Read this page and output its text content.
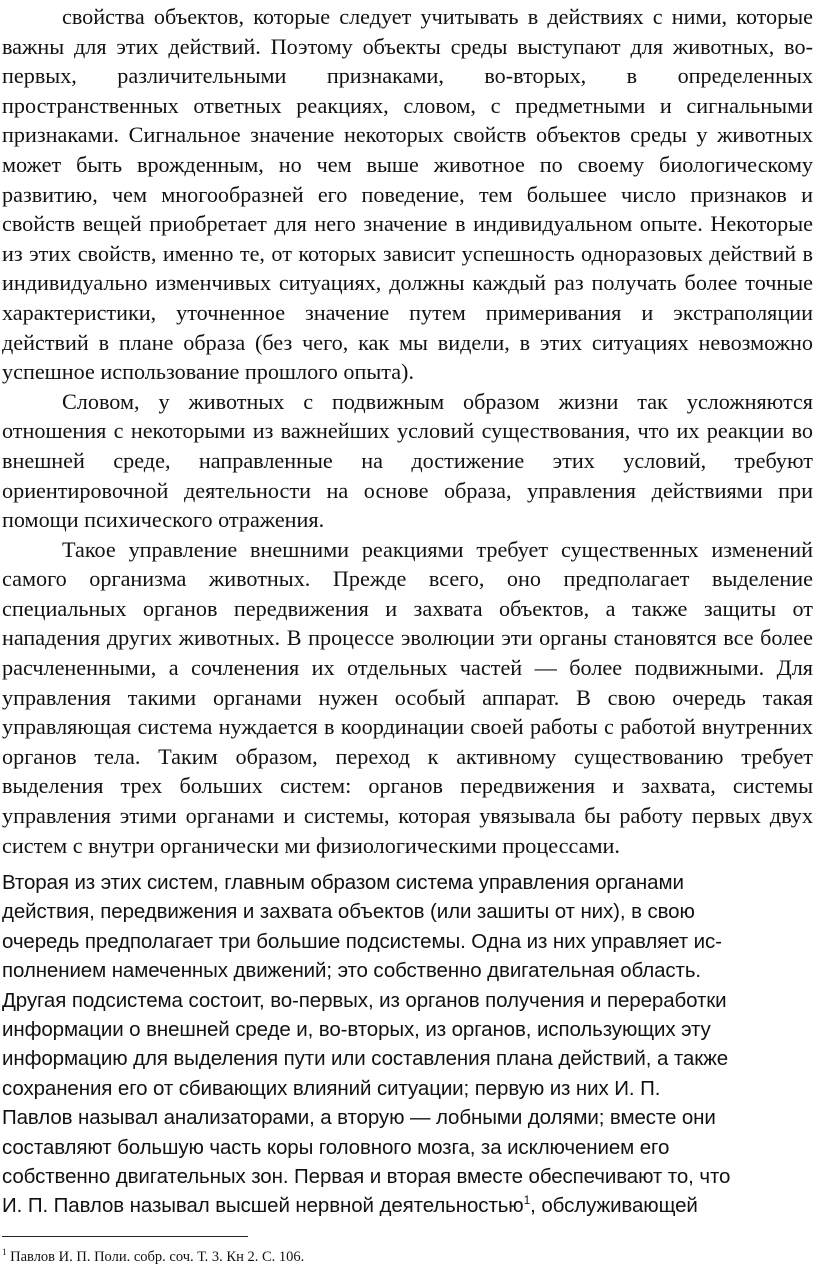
свойства объектов, которые следует учитывать в действиях с ними, которые важны для этих действий. Поэтому объекты среды выступают для животных, во-первых, различительными признаками, во-вторых, в определенных пространственных ответных реакциях, словом, с предметными и сигнальными признаками. Сигнальное значение некоторых свойств объектов среды у животных может быть врожденным, но чем выше животное по своему биологическому развитию, чем многообразней его поведение, тем большее число признаков и свойств вещей приобретает для него значение в индивидуальном опыте. Некоторые из этих свойств, именно те, от которых зависит успешность одноразовых действий в индивидуально изменчивых ситуациях, должны каждый раз получать более точные характеристики, уточненное значение путем примеривания и экстраполяции действий в плане образа (без чего, как мы видели, в этих ситуациях невозможно успешное использование прошлого опыта).

Словом, у животных с подвижным образом жизни так усложняются отношения с некоторыми из важнейших условий существования, что их реакции во внешней среде, направленные на достижение этих условий, требуют ориентировочной деятельности на основе образа, управления действиями при помощи психического отражения.

Такое управление внешними реакциями требует существенных изменений самого организма животных. Прежде всего, оно предполагает выделение специальных органов передвижения и захвата объектов, а также защиты от нападения других животных. В процессе эволюции эти органы становятся все более расчлененными, а сочленения их отдельных частей — более подвижными. Для управления такими органами нужен особый аппарат. В свою очередь такая управляющая система нуждается в координации своей работы с работой внутренних органов тела. Таким образом, переход к активному существованию требует выделения трех больших систем: органов передвижения и захвата, системы управления этими органами и системы, которая увязывала бы работу первых двух систем с внутри органически ми физиологическими процессами.

Вторая из этих систем, главным образом система управления органами

действия, передвижения и захвата объектов (или зашиты от них), в свою

очередь предполагает три большие подсистемы. Одна из них управляет ис-

полнением намеченных движений; это собственно двигательная область.

Другая подсистема состоит, во-первых, из органов получения и переработки

информации о внешней среде и, во-вторых, из органов, использующих эту

информацию для выделения пути или составления плана действий, а также

сохранения его от сбивающих влияний ситуации; первую из них И. П.

Павлов называл анализаторами, а вторую — лобными долями; вместе они

составляют большую часть коры головного мозга, за исключением его

собственно двигательных зон. Первая и вторая вместе обеспечивают то, что

И. П. Павлов называл высшей нервной деятельностью$^1$, обслуживающей

$^1$ Павлов И. П. Поли. собр. соч. Т. 3. Кн 2. С. 106.
